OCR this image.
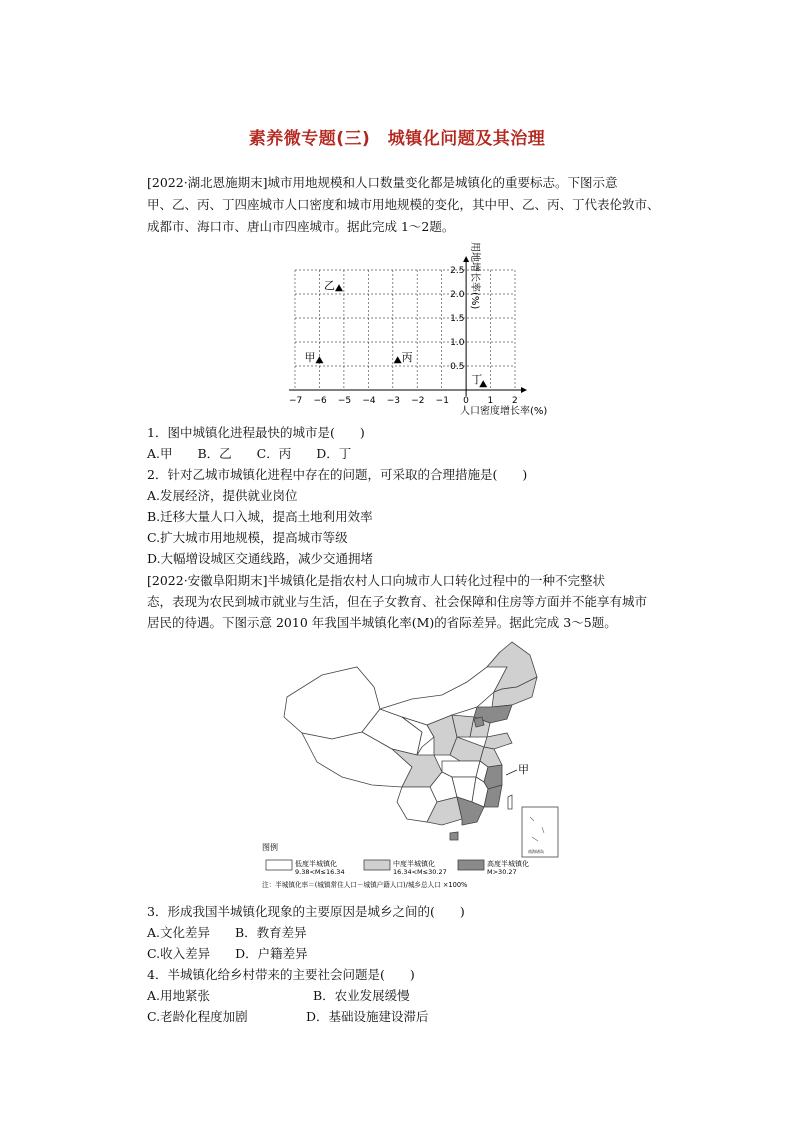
素养微专题(三)　城镇化问题及其治理
[2022·湖北恩施期末]城市用地规模和人口数量变化都是城镇化的重要标志。下图示意
甲、乙、丙、丁四座城市人口密度和城市用地规模的变化，其中甲、乙、丙、丁代表伦敦市、
成都市、海口市、唐山市四座城市。据此完成 1～2题。
−7 −6 −5 −4 −3 −2 −1 0 1 2
0.5
1.0
1.5
2.0
2.5
甲
乙
丙
丁
人口密度增长率(%)
用地增长率(%)
1．图中城镇化进程最快的城市是(　　)
A.甲　　B．乙　　C．丙　　D．丁
2．针对乙城市城镇化进程中存在的问题，可采取的合理措施是(　　)
A.发展经济，提供就业岗位
B.迁移大量人口入城，提高土地利用效率
C.扩大城市用地规模，提高城市等级
D.大幅增设城区交通线路，减少交通拥堵
[2022·安徽阜阳期末]半城镇化是指农村人口向城市人口转化过程中的一种不完整状
态，表现为农民到城市就业与生活，但在子女教育、社会保障和住房等方面并不能享有城市
居民的待遇。下图示意 2010 年我国半城镇化率(M)的省际差异。据此完成 3～5题。
甲
南海诸岛
图例
低度半城镇化
9.38<M≤16.34
中度半城镇化
16.34<M≤30.27
高度半城镇化
M>30.27
注：半城镇化率＝(城镇常住人口－城镇户籍人口)/城乡总人口 ×100%
3．形成我国半城镇化现象的主要原因是城乡之间的(　　)
A.文化差异　　B．教育差异
C.收入差异　　D．户籍差异
4．半城镇化给乡村带来的主要社会问题是(　　)
A.用地紧张	B．农业发展缓慢
C.老龄化程度加剧	D．基础设施建设滞后
